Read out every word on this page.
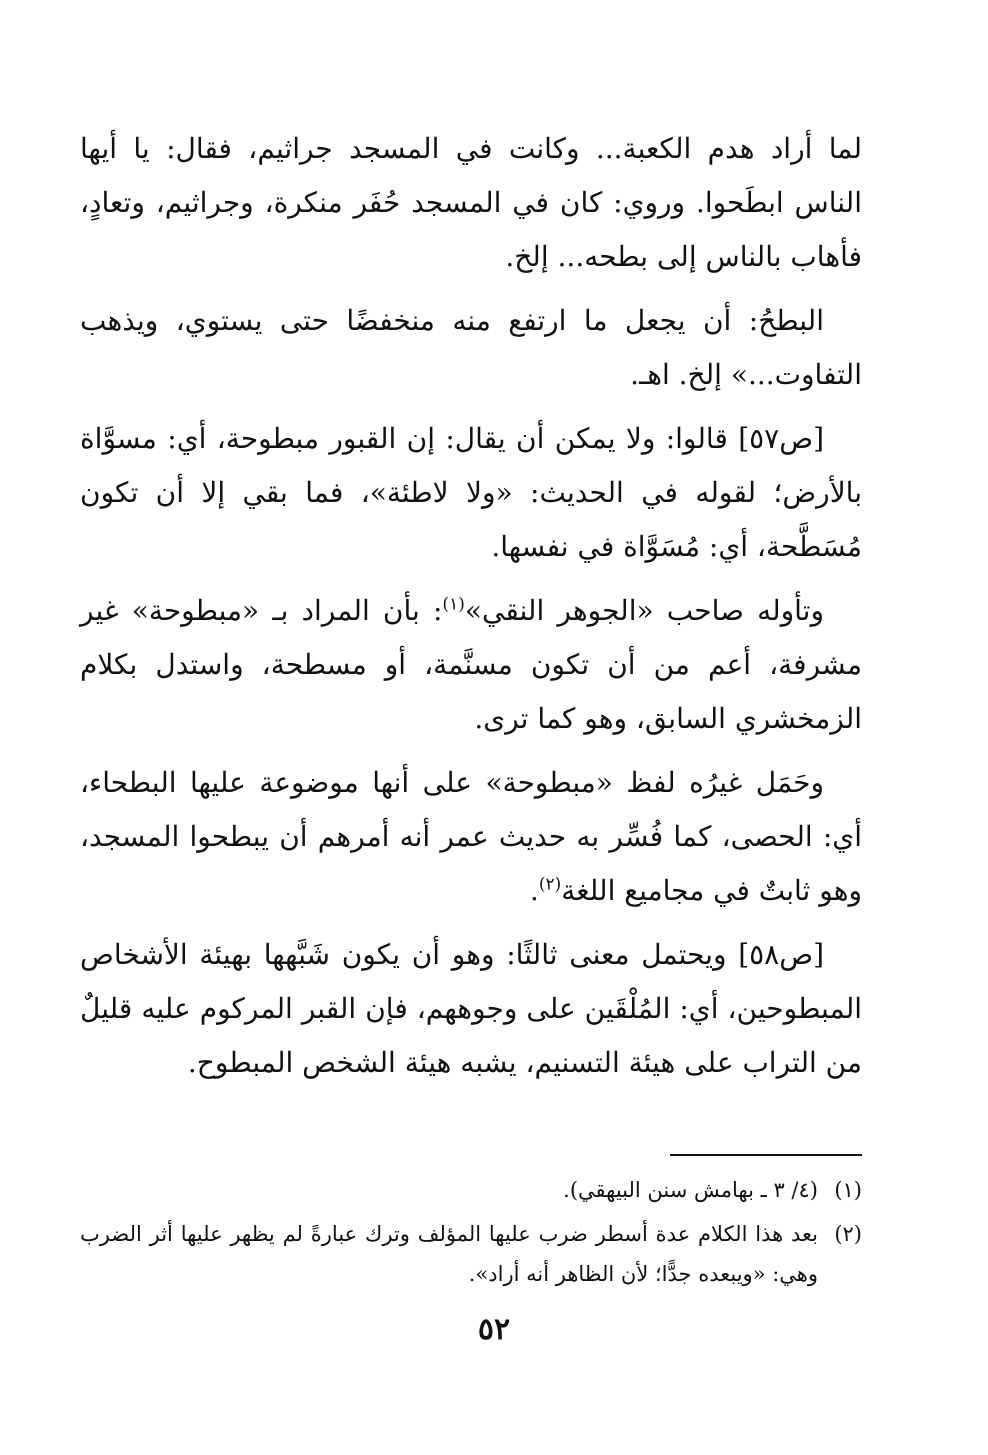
لما أراد هدم الكعبة... وكانت في المسجد جراثيم، فقال: يا أيها الناس ابطَحوا. وروي: كان في المسجد حُفَر منكرة، وجراثيم، وتعادٍ، فأهاب بالناس إلى بطحه... إلخ.

البطحُ: أن يجعل ما ارتفع منه منخفضًا حتى يستوي، ويذهب التفاوت...» إلخ. اهـ.

[ص٥٧] قالوا: ولا يمكن أن يقال: إن القبور مبطوحة، أي: مسوَّاة بالأرض؛ لقوله في الحديث: «ولا لاطئة»، فما بقي إلا أن تكون مُسَطَّحة، أي: مُسَوَّاة في نفسها.

وتأوله صاحب «الجوهر النقي»$^{(١)}$: بأن المراد بـ «مبطوحة» غير مشرفة، أعم من أن تكون مسنَّمة، أو مسطحة، واستدل بكلام الزمخشري السابق، وهو كما ترى.

وحَمَل غيرُه لفظ «مبطوحة» على أنها موضوعة عليها البطحاء، أي: الحصى، كما فُسِّر به حديث عمر أنه أمرهم أن يبطحوا المسجد، وهو ثابتٌ في مجاميع اللغة$^{(٢)}$.

[ص٥٨] ويحتمل معنى ثالثًا: وهو أن يكون شَبَّهها بهيئة الأشخاص المبطوحين، أي: المُلْقَين على وجوههم، فإن القبر المركوم عليه قليلٌ من التراب على هيئة التسنيم، يشبه هيئة الشخص المبطوح.

(١)
(٤/ ٣ ـ بهامش سنن البيهقي).
(٢)
بعد هذا الكلام عدة أسطر ضرب عليها المؤلف وترك عبارةً لم يظهر عليها أثر الضرب وهي: «ويبعده جدًّا؛ لأن الظاهر أنه أراد».
٥٢
